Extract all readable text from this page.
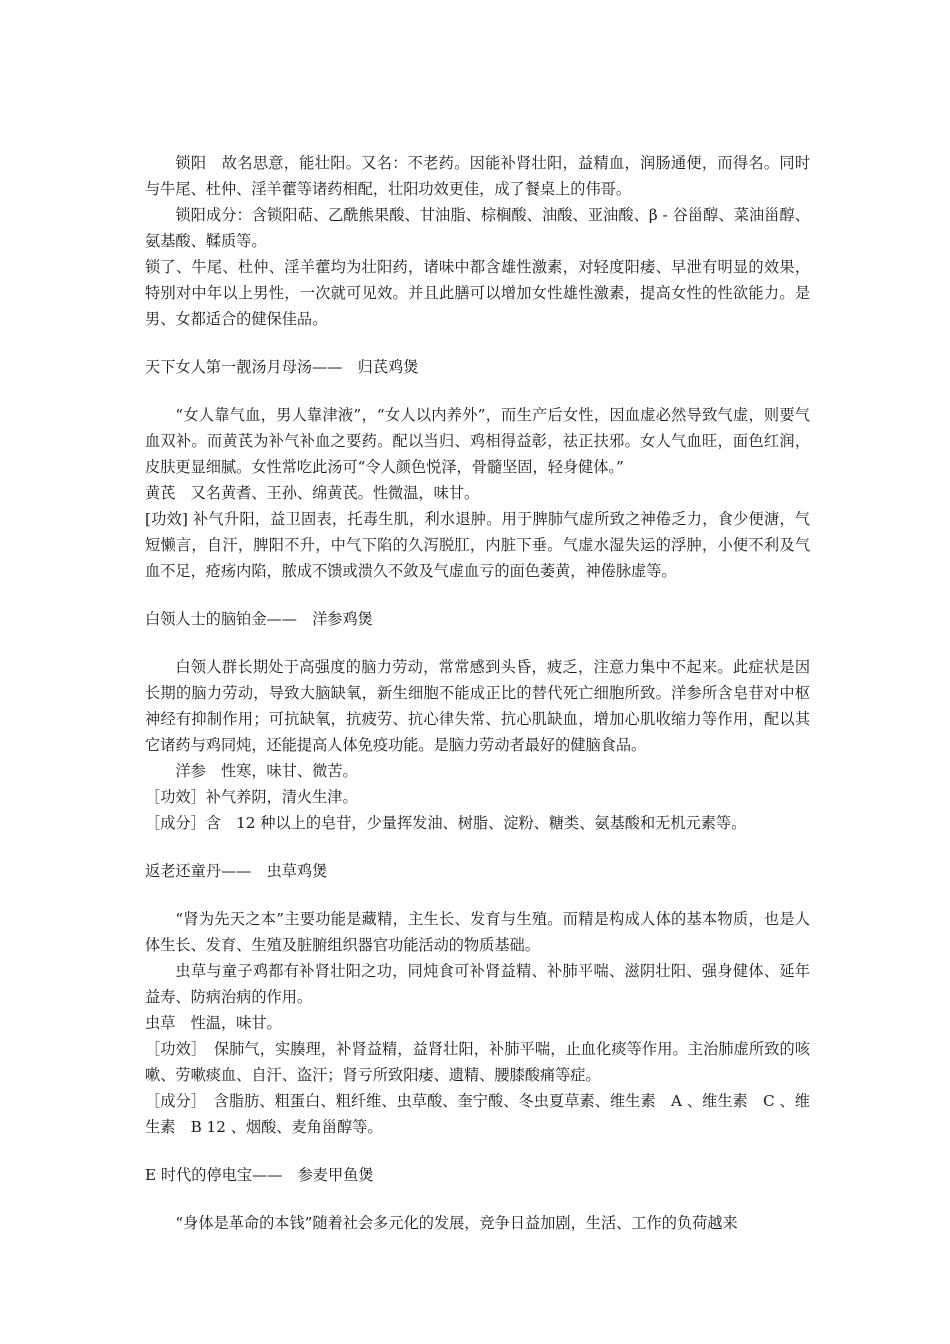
锁阳　故名思意，能壮阳。又名：不老药。因能补肾壮阳，益精血，润肠通便，而得名。同时与牛尾、杜仲、淫羊藿等诸药相配，壮阳功效更佳，成了餐桌上的伟哥。

锁阳成分：含锁阳萜、乙酰熊果酸、甘油脂、棕榈酸、油酸、亚油酸、β - 谷甾醇、菜油甾醇、氨基酸、鞣质等。

锁了、牛尾、杜仲、淫羊藿均为壮阳药，诸味中都含雄性激素，对轻度阳痿、早泄有明显的效果，特别对中年以上男性，一次就可见效。并且此膳可以增加女性雄性激素，提高女性的性欲能力。是男、女都适合的健保佳品。

天下女人第一靓汤月母汤——　归芪鸡煲

“女人靠气血，男人靠津液”，“女人以内养外”，而生产后女性，因血虚必然导致气虚，则要气血双补。而黄芪为补气补血之要药。配以当归、鸡相得益彰，祛正扶邪。女人气血旺，面色红润，皮肤更显细腻。女性常吃此汤可“令人颜色悦泽，骨髓坚固，轻身健体。”

黄芪　又名黄耆、王孙、绵黄芪。性微温，味甘。

[功效] 补气升阳，益卫固表，托毒生肌，利水退肿。用于脾肺气虚所致之神倦乏力，食少便溏，气短懒言，自汗，脾阳不升，中气下陷的久泻脱肛，内脏下垂。气虚水湿失运的浮肿，小便不利及气血不足，疮疡内陷，脓成不馈或溃久不敛及气虚血亏的面色萎黄，神倦脉虚等。

白领人士的脑铂金——　洋参鸡煲

白领人群长期处于高强度的脑力劳动，常常感到头昏，疲乏，注意力集中不起来。此症状是因长期的脑力劳动，导致大脑缺氧，新生细胞不能成正比的替代死亡细胞所致。洋参所含皂苷对中枢神经有抑制作用；可抗缺氧，抗疲劳、抗心律失常、抗心肌缺血，增加心肌收缩力等作用，配以其它诸药与鸡同炖，还能提高人体免疫功能。是脑力劳动者最好的健脑食品。

洋参　性寒，味甘、微苦。

［功效］补气养阴，清火生津。

［成分］含　12 种以上的皂苷，少量挥发油、树脂、淀粉、糖类、氨基酸和无机元素等。

返老还童丹——　虫草鸡煲

“肾为先天之本”主要功能是藏精，主生长、发育与生殖。而精是构成人体的基本物质，也是人体生长、发育、生殖及脏腑组织器官功能活动的物质基础。

虫草与童子鸡都有补肾壮阳之功，同炖食可补肾益精、补肺平喘、滋阴壮阳、强身健体、延年益寿、防病治病的作用。

虫草　性温，味甘。

［功效］　保肺气，实腠理，补肾益精，益肾壮阳，补肺平喘，止血化痰等作用。主治肺虚所致的咳嗽、劳嗽痰血、自汗、盗汗；肾亏所致阳痿、遗精、腰膝酸痛等症。

［成分］　含脂肪、粗蛋白、粗纤维、虫草酸、奎宁酸、冬虫夏草素、维生素　A 、维生素　C 、维生素　B 12 、烟酸、麦角甾醇等。

E 时代的停电宝——　参麦甲鱼煲

“身体是革命的本钱”随着社会多元化的发展，竞争日益加剧，生活、工作的负荷越来
